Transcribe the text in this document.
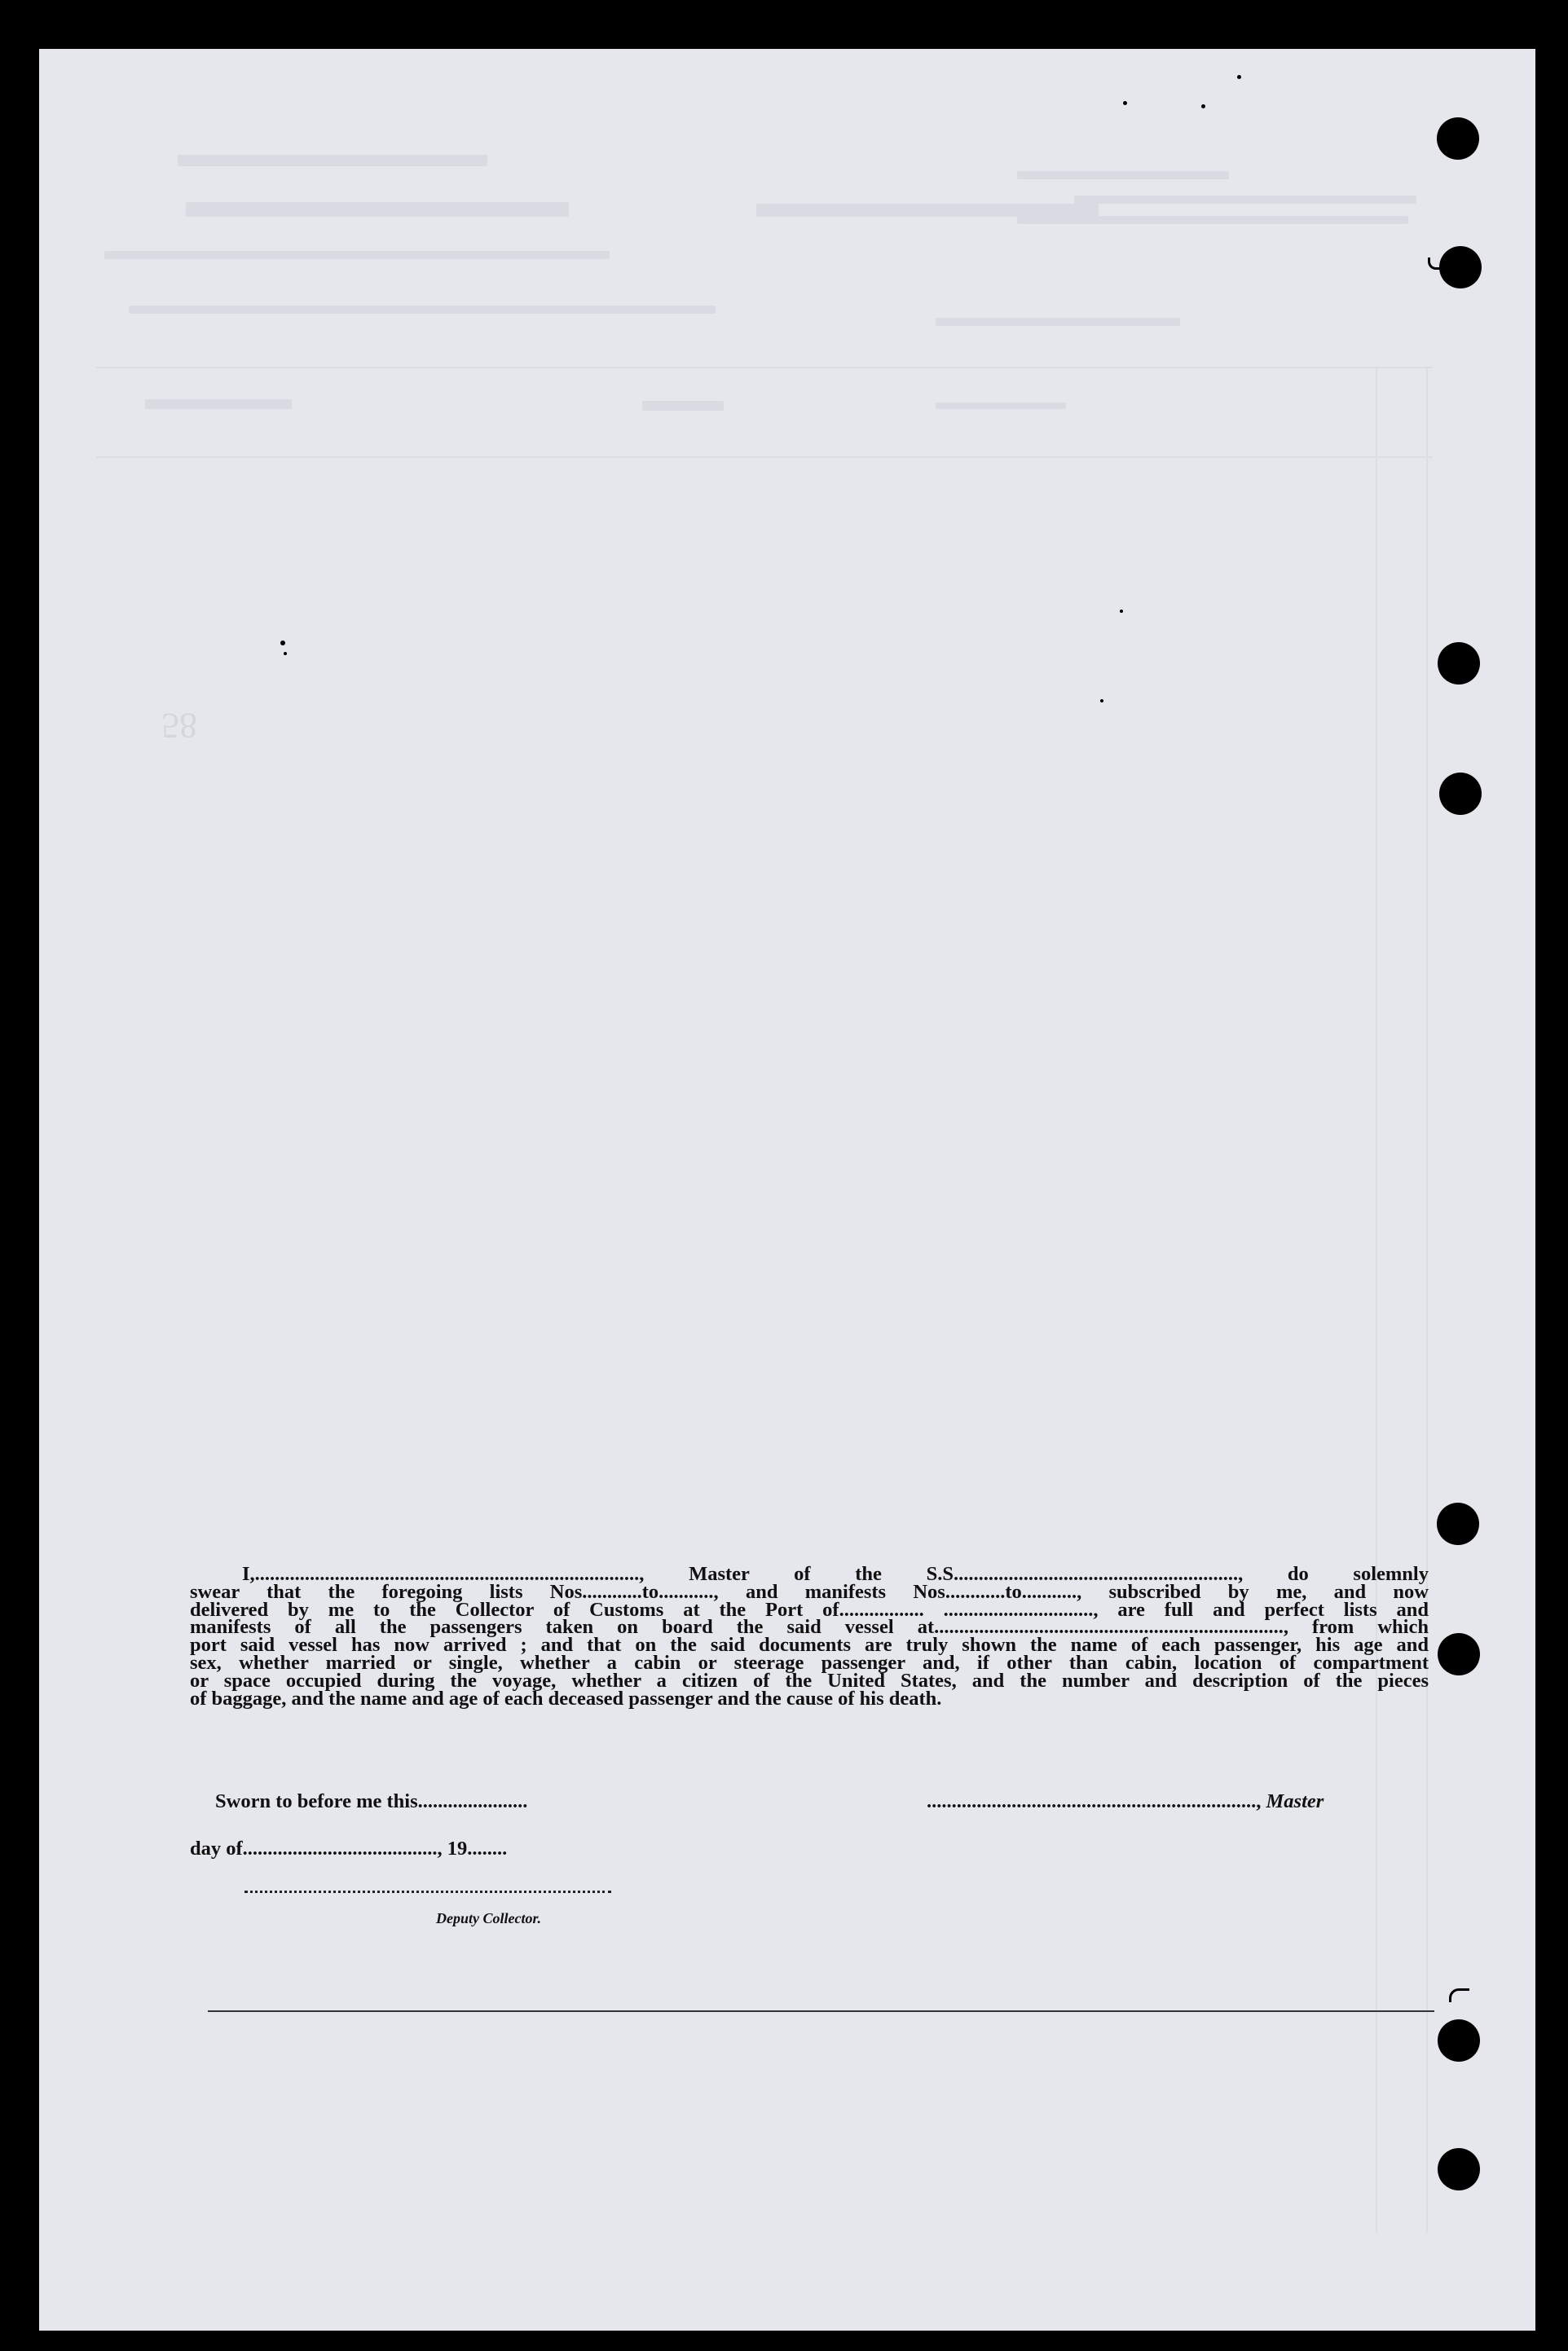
58
I,............................................................................., Master of the S.S........................................................., do solemnly
swear that the foregoing lists Nos............to..........., and manifests Nos............to..........., subscribed by me, and now
delivered by me to the Collector of Customs at the Port of................. .............................., are full and perfect lists and
manifests of all the passengers taken on board the said vessel at......................................................................, from which
port said vessel has now arrived ; and that on the said documents are truly shown the name of each passenger, his age and
sex, whether married or single, whether a cabin or steerage passenger and, if other than cabin, location of compartment
or space occupied during the voyage, whether a citizen of the United States, and the number and description of the pieces
of baggage, and the name and age of each deceased passenger and the cause of his death.
Sworn to before me this......................	.................................................................., Master
day of......................................., 19........
Deputy Collector.
